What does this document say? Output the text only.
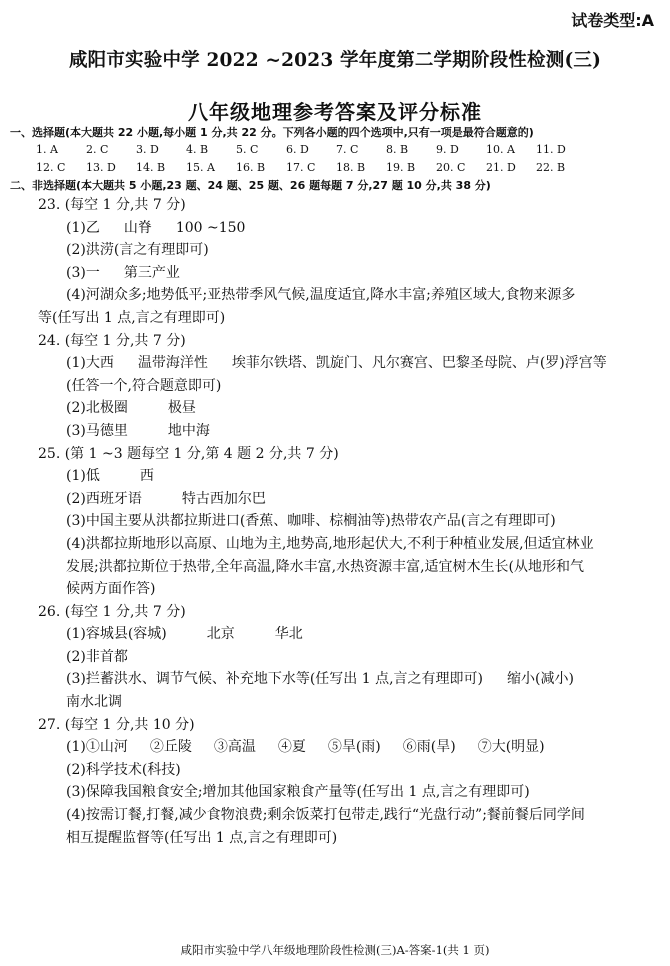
试卷类型:A
咸阳市实验中学 2022 ~2023 学年度第二学期阶段性检测(三)
八年级地理参考答案及评分标准
一、选择题(本大题共 22 小题,每小题 1 分,共 22 分。下列各小题的四个选项中,只有一项是最符合题意的)
1. A	2. C	3. D	4. B	5. C	6. D	7. C	8. B	9. D	10. A	11. D
12. C	13. D	14. B	15. A	16. B	17. C	18. B	19. B	20. C	21. D	22. B
二、非选择题(本大题共 5 小题,23 题、24 题、25 题、26 题每题 7 分,27 题 10 分,共 38 分)
23. (每空 1 分,共 7 分)
(1)乙 山脊 100 ~150
(2)洪涝(言之有理即可)
(3)一 第三产业
(4)河湖众多;地势低平;亚热带季风气候,温度适宜,降水丰富;养殖区域大,食物来源多
等(任写出 1 点,言之有理即可)
24. (每空 1 分,共 7 分)
(1)大西 温带海洋性 埃菲尔铁塔、凯旋门、凡尔赛宫、巴黎圣母院、卢(罗)浮宫等
(任答一个,符合题意即可)
(2)北极圈	极昼
(3)马德里	地中海
25. (第 1 ~3 题每空 1 分,第 4 题 2 分,共 7 分)
(1)低	西
(2)西班牙语	特古西加尔巴
(3)中国主要从洪都拉斯进口(香蕉、咖啡、棕榈油等)热带农产品(言之有理即可)
(4)洪都拉斯地形以高原、山地为主,地势高,地形起伏大,不利于种植业发展,但适宜林业
发展;洪都拉斯位于热带,全年高温,降水丰富,水热资源丰富,适宜树木生长(从地形和气
候两方面作答)
26. (每空 1 分,共 7 分)
(1)容城县(容城)	北京	华北
(2)非首都
(3)拦蓄洪水、调节气候、补充地下水等(任写出 1 点,言之有理即可) 缩小(减小)
南水北调
27. (每空 1 分,共 10 分)
(1)①山河 ②丘陵 ③高温 ④夏 ⑤旱(雨) ⑥雨(旱) ⑦大(明显)
(2)科学技术(科技)
(3)保障我国粮食安全;增加其他国家粮食产量等(任写出 1 点,言之有理即可)
(4)按需订餐,打餐,减少食物浪费;剩余饭菜打包带走,践行“光盘行动”;餐前餐后同学间
相互提醒监督等(任写出 1 点,言之有理即可)
咸阳市实验中学八年级地理阶段性检测(三)A-答案-1(共 1 页)
